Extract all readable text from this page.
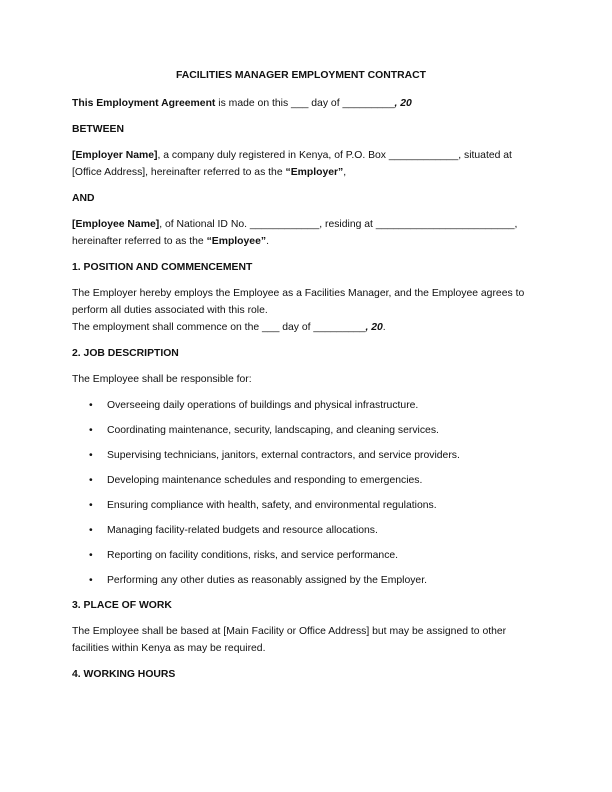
FACILITIES MANAGER EMPLOYMENT CONTRACT

This Employment Agreement is made on this ___ day of _________, 20

BETWEEN

[Employer Name], a company duly registered in Kenya, of P.O. Box ____________, situated at [Office Address], hereinafter referred to as the “Employer”,

AND

[Employee Name], of National ID No. ____________, residing at ________________________, hereinafter referred to as the “Employee”.

1. POSITION AND COMMENCEMENT

The Employer hereby employs the Employee as a Facilities Manager, and the Employee agrees to perform all duties associated with this role.
The employment shall commence on the ___ day of _________, 20.

2. JOB DESCRIPTION

The Employee shall be responsible for:

• Overseeing daily operations of buildings and physical infrastructure.
• Coordinating maintenance, security, landscaping, and cleaning services.
• Supervising technicians, janitors, external contractors, and service providers.
• Developing maintenance schedules and responding to emergencies.
• Ensuring compliance with health, safety, and environmental regulations.
• Managing facility-related budgets and resource allocations.
• Reporting on facility conditions, risks, and service performance.
• Performing any other duties as reasonably assigned by the Employer.
3. PLACE OF WORK

The Employee shall be based at [Main Facility or Office Address] but may be assigned to other facilities within Kenya as may be required.

4. WORKING HOURS
